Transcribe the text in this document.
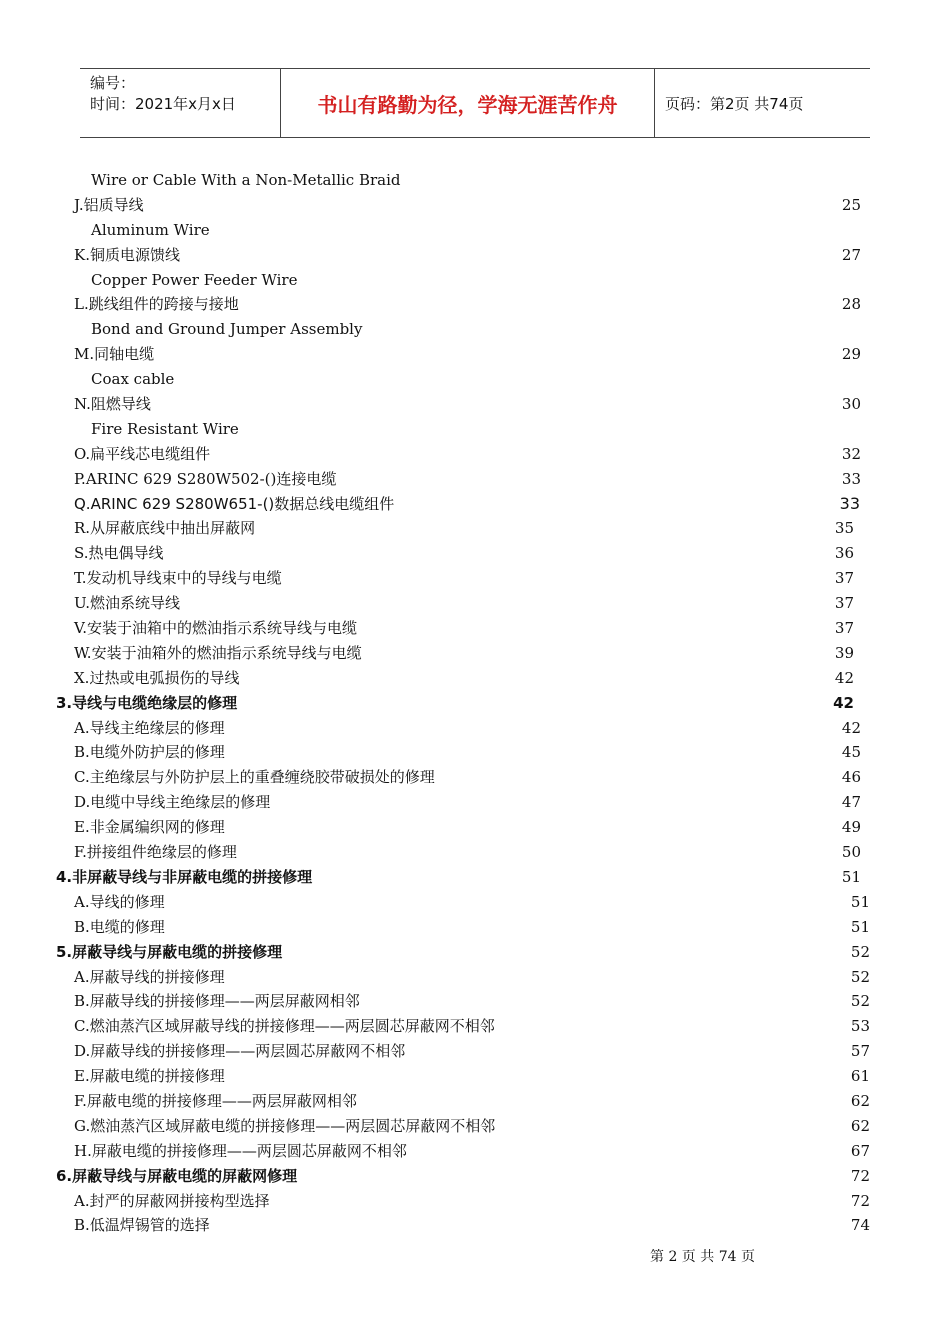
编号：
时间：2021年x月x日	书山有路勤为径，学海无涯苦作舟	页码：第2页 共74页
Wire or Cable With a Non-Metallic Braid
J.铝质导线	25
Aluminum Wire
K.铜质电源馈线	27
Copper Power Feeder Wire
L.跳线组件的跨接与接地	28
Bond and Ground Jumper Assembly
M.同轴电缆	29
Coax cable
N.阻燃导线	30
Fire Resistant Wire
O.扁平线芯电缆组件	32
P.ARINC 629 S280W502-()连接电缆	33
Q.ARINC 629 S280W651-()数据总线电缆组件	33
R.从屏蔽底线中抽出屏蔽网	35
S.热电偶导线	36
T.发动机导线束中的导线与电缆	37
U.燃油系统导线	37
V.安装于油箱中的燃油指示系统导线与电缆	37
W.安装于油箱外的燃油指示系统导线与电缆	39
X.过热或电弧损伤的导线	42
3.导线与电缆绝缘层的修理	42
A.导线主绝缘层的修理	42
B.电缆外防护层的修理	45
C.主绝缘层与外防护层上的重叠缠绕胶带破损处的修理	46
D.电缆中导线主绝缘层的修理	47
E.非金属编织网的修理	49
F.拼接组件绝缘层的修理	50
4.非屏蔽导线与非屏蔽电缆的拼接修理	51
A.导线的修理	51
B.电缆的修理	51
5.屏蔽导线与屏蔽电缆的拼接修理	52
A.屏蔽导线的拼接修理	52
B.屏蔽导线的拼接修理——两层屏蔽网相邻	52
C.燃油蒸汽区域屏蔽导线的拼接修理——两层圆芯屏蔽网不相邻	53
D.屏蔽导线的拼接修理——两层圆芯屏蔽网不相邻	57
E.屏蔽电缆的拼接修理	61
F.屏蔽电缆的拼接修理——两层屏蔽网相邻	62
G.燃油蒸汽区域屏蔽电缆的拼接修理——两层圆芯屏蔽网不相邻	62
H.屏蔽电缆的拼接修理——两层圆芯屏蔽网不相邻	67
6.屏蔽导线与屏蔽电缆的屏蔽网修理	72
A.封严的屏蔽网拼接构型选择	72
B.低温焊锡管的选择	74
第 2 页 共 74 页
